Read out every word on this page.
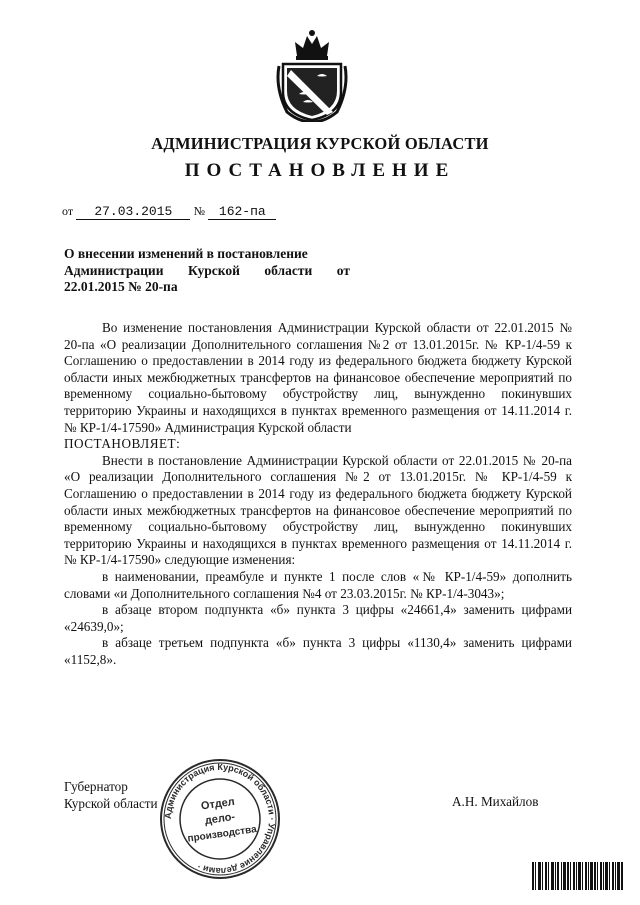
АДМИНИСТРАЦИЯ КУРСКОЙ ОБЛАСТИ
ПОСТАНОВЛЕНИЕ
от 27.03.2015 № 162-па
О внесении изменений в постановление
Администрации Курской области от
22.01.2015 № 20-па

Во изменение постановления Администрации Курской области от 22.01.2015 № 20-па «О реализации Дополнительного соглашения №2 от 13.01.2015г. № КР-1/4-59 к Соглашению о предоставлении в 2014 году из федерального бюджета бюджету Курской области иных межбюджетных трансфертов на финансовое обеспечение мероприятий по временному социально-бытовому обустройству лиц, вынужденно покинувших территорию Украины и находящихся в пунктах временного размещения от 14.11.2014 г. № КР-1/4-17590» Администрация Курской области

ПОСТАНОВЛЯЕТ:

Внести в постановление Администрации Курской области от 22.01.2015 № 20-па «О реализации Дополнительного соглашения №2 от 13.01.2015г. № КР-1/4-59 к Соглашению о предоставлении в 2014 году из федерального бюджета бюджету Курской области иных межбюджетных трансфертов на финансовое обеспечение мероприятий по временному социально-бытовому обустройству лиц, вынужденно покинувших территорию Украины и находящихся в пунктах временного размещения от 14.11.2014 г. № КР-1/4-17590» следующие изменения:

в наименовании, преамбуле и пункте 1 после слов «№ КР-1/4-59» дополнить словами «и Дополнительного соглашения №4 от 23.03.2015г. № КР-1/4-3043»;

в абзаце втором подпункта «б» пункта 3 цифры «24661,4» заменить цифрами «24639,0»;

в абзаце третьем подпункта «б» пункта 3 цифры «1130,4» заменить цифрами «1152,8».

Губернатор
Курской области	А.Н. Михайлов
Администрация Курской области · Управление делами ·
Отдел
дело-
производства
